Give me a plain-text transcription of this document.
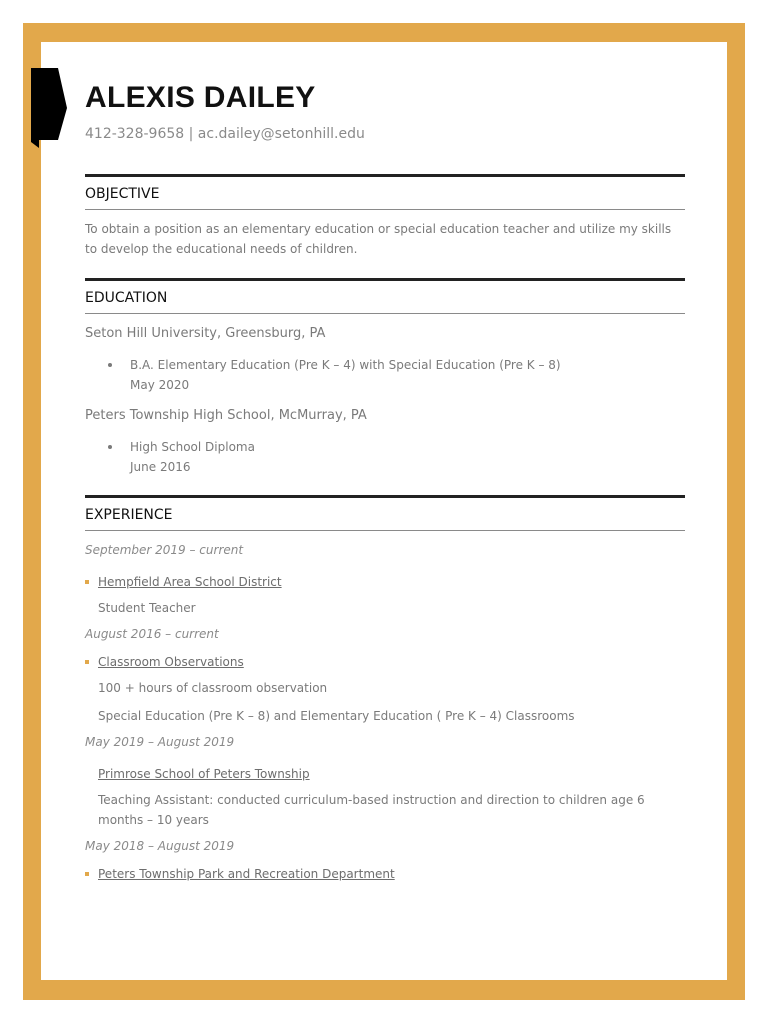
ALEXIS DAILEY
412-328-9658 | ac.dailey@setonhill.edu
OBJECTIVE
To obtain a position as an elementary education or special education teacher and utilize my skills to develop the educational needs of children.
EDUCATION
Seton Hill University, Greensburg, PA
B.A. Elementary Education (Pre K – 4) with Special Education (Pre K – 8)
May 2020
Peters Township High School, McMurray, PA
High School Diploma
June 2016
EXPERIENCE
September 2019 – current
Hempfield Area School District
Student Teacher
August 2016 – current
Classroom Observations
100 + hours of classroom observation
Special Education (Pre K – 8) and Elementary Education ( Pre K – 4) Classrooms
May 2019 – August 2019
Primrose School of Peters Township
Teaching Assistant: conducted curriculum-based instruction and direction to children age 6 months – 10 years
May 2018 – August 2019
Peters Township Park and Recreation Department
